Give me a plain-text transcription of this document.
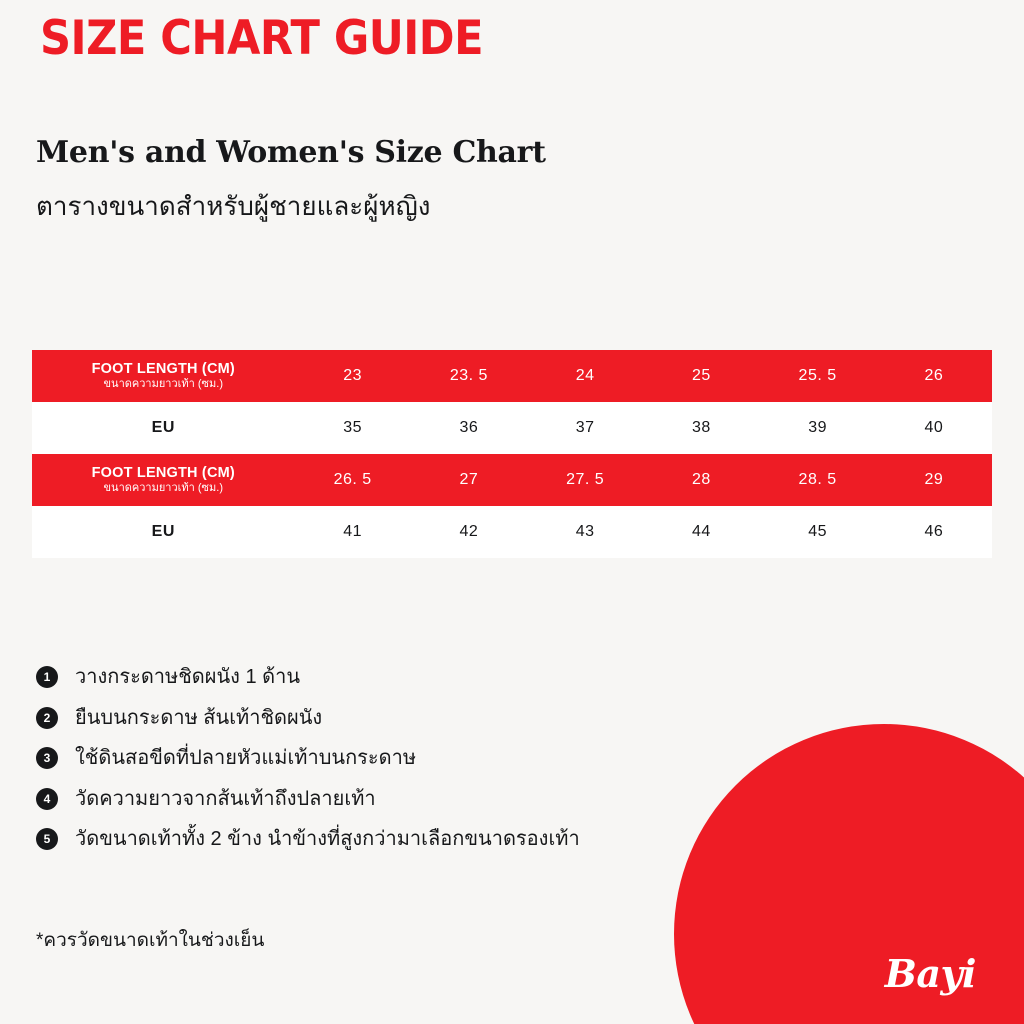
SIZE CHART GUIDE
Men's and Women's Size Chart
ตารางขนาดสำหรับผู้ชายและผู้หญิง
FOOT LENGTH (CM)
ขนาดความยาวเท้า (ซม.)	23	23. 5	24	25	25. 5	26

EU	35	36	37	38	39	40

FOOT LENGTH (CM)
ขนาดความยาวเท้า (ซม.)	26. 5	27	27. 5	28	28. 5	29

EU	41	42	43	44	45	46
1	วางกระดาษชิดผนัง 1 ด้าน
2	ยืนบนกระดาษ ส้นเท้าชิดผนัง
3	ใช้ดินสอขีดที่ปลายหัวแม่เท้าบนกระดาษ
4	วัดความยาวจากส้นเท้าถึงปลายเท้า
5	วัดขนาดเท้าทั้ง 2 ข้าง นำข้างที่สูงกว่ามาเลือกขนาดรองเท้า
*ควรวัดขนาดเท้าในช่วงเย็น
Bayi
